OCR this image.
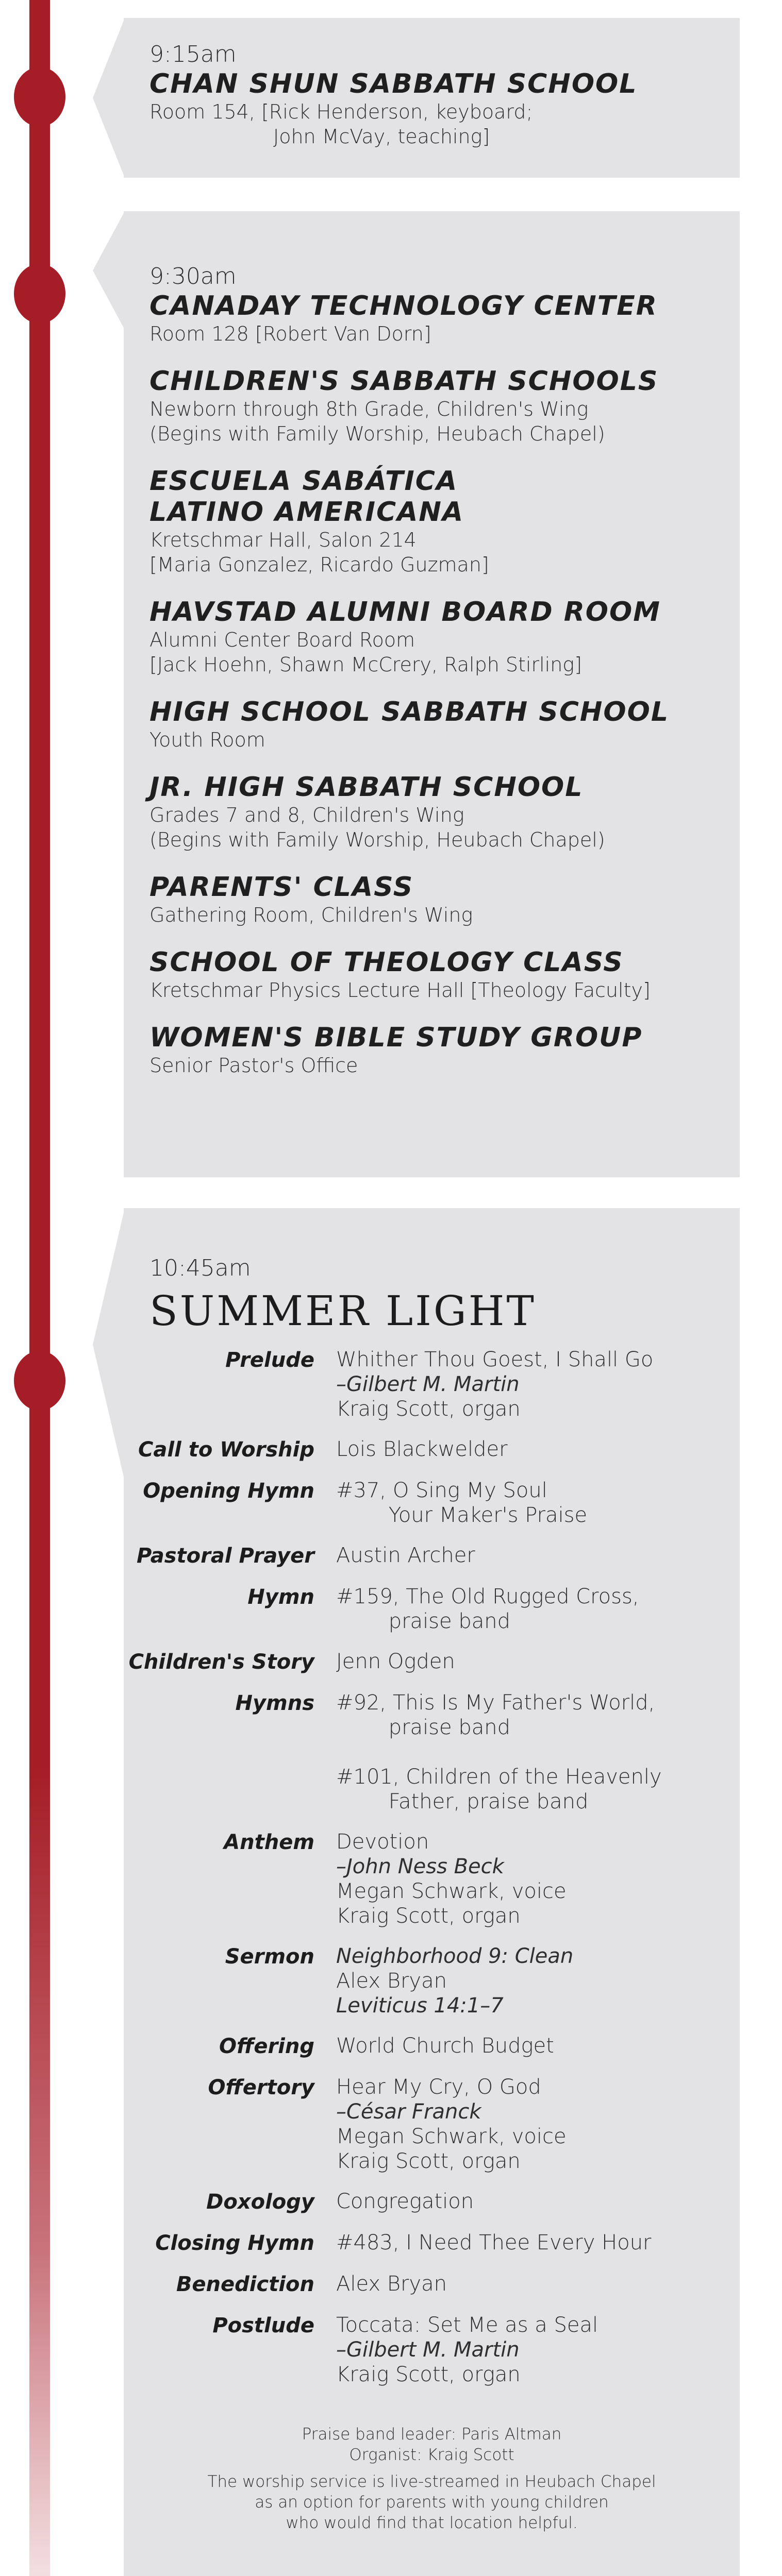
9:15am
CHAN SHUN SABBATH SCHOOL
Room 154, [Rick Henderson, keyboard;
John McVay, teaching]
9:30am
CANADAY TECHNOLOGY CENTER
Room 128 [Robert Van Dorn]
CHILDREN'S SABBATH SCHOOLS
Newborn through 8th Grade, Children's Wing
(Begins with Family Worship, Heubach Chapel)
ESCUELA SABÁTICA
LATINO AMERICANA
Kretschmar Hall, Salon 214
[Maria Gonzalez, Ricardo Guzman]
HAVSTAD ALUMNI BOARD ROOM
Alumni Center Board Room
[Jack Hoehn, Shawn McCrery, Ralph Stirling]
HIGH SCHOOL SABBATH SCHOOL
Youth Room
JR. HIGH SABBATH SCHOOL
Grades 7 and 8, Children's Wing
(Begins with Family Worship, Heubach Chapel)
PARENTS' CLASS
Gathering Room, Children's Wing
SCHOOL OF THEOLOGY CLASS
Kretschmar Physics Lecture Hall [Theology Faculty]
WOMEN'S BIBLE STUDY GROUP
Senior Pastor's Office
10:45am
SUMMER LIGHT
Prelude	Whither Thou Goest, I Shall Go
–Gilbert M. Martin
Kraig Scott, organ
Call to Worship	Lois Blackwelder
Opening Hymn	#37, O Sing My Soul
Your Maker's Praise
Pastoral Prayer	Austin Archer
Hymn	#159, The Old Rugged Cross,
praise band
Children's Story	Jenn Ogden
Hymns	#92, This Is My Father's World,
praise band

#101, Children of the Heavenly
Father, praise band
Anthem	Devotion
–John Ness Beck
Megan Schwark, voice
Kraig Scott, organ
Sermon	Neighborhood 9: Clean
Alex Bryan
Leviticus 14:1–7
Offering	World Church Budget
Offertory	Hear My Cry, O God
–César Franck
Megan Schwark, voice
Kraig Scott, organ
Doxology	Congregation
Closing Hymn	#483, I Need Thee Every Hour
Benediction	Alex Bryan
Postlude	Toccata: Set Me as a Seal
–Gilbert M. Martin
Kraig Scott, organ
Praise band leader: Paris Altman
Organist: Kraig Scott
The worship service is live-streamed in Heubach Chapel
as an option for parents with young children
who would find that location helpful.
